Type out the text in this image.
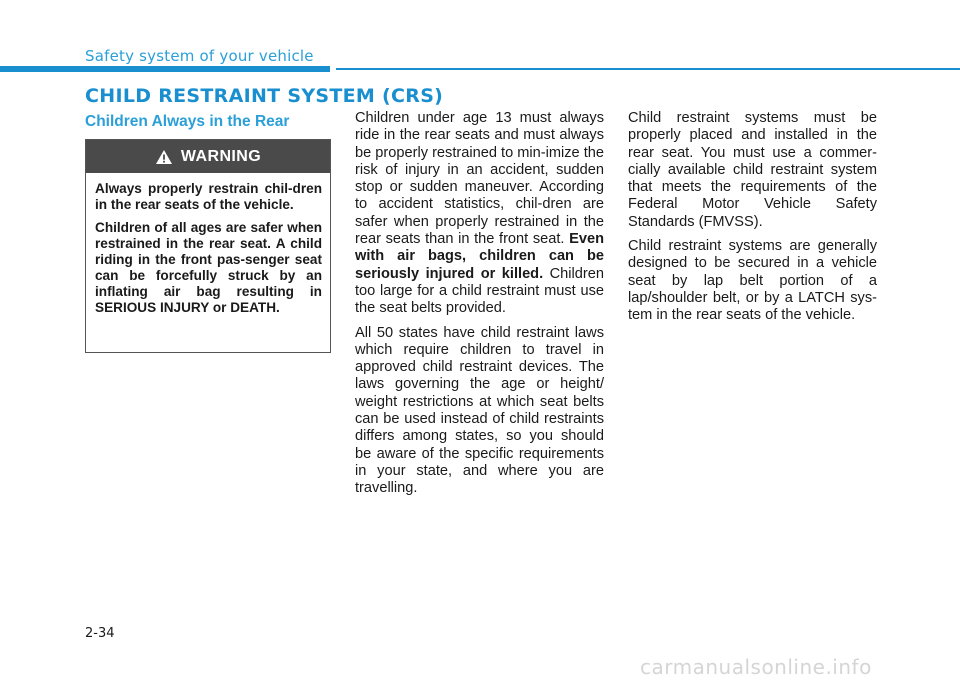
Safety system of your vehicle
CHILD RESTRAINT SYSTEM (CRS)
Children Always in the Rear
WARNING

Always properly restrain chil-dren in the rear seats of the vehicle.

Children of all ages are safer when restrained in the rear seat. A child riding in the front pas-senger seat can be forcefully struck by an inflating air bag resulting in SERIOUS INJURY or DEATH.

Children under age 13 must always ride in the rear seats and must always be properly restrained to min-imize the risk of injury in an accident, sudden stop or sudden maneuver. According to accident statistics, chil-dren are safer when properly restrained in the rear seats than in the front seat. Even with air bags, children can be seriously injured or killed. Children too large for a child restraint must use the seat belts provided.

All 50 states have child restraint laws which require children to travel in approved child restraint devices. The laws governing the age or height/ weight restrictions at which seat belts can be used instead of child restraints differs among states, so you should be aware of the specific requirements in your state, and where you are travelling.

Child restraint systems must be properly placed and installed in the rear seat. You must use a commer-cially available child restraint system that meets the requirements of the Federal Motor Vehicle Safety Standards (FMVSS).

Child restraint systems are generally designed to be secured in a vehicle seat by lap belt portion of a lap/shoulder belt, or by a LATCH sys-tem in the rear seats of the vehicle.

2-34
carmanualsonline.info
